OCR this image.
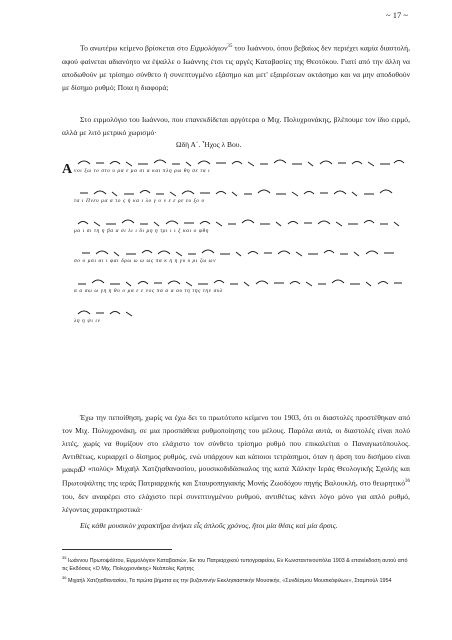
~ 17 ~

Το ανωτέρω κείμενο βρίσκεται στο Ειρμολόγιον$^{35}$ του Ιωάννου, όπου βεβαίως δεν περιέχει καμία διαστολή, αφού φαίνεται αδιανόητο να έψαλλε ο Ιωάννης έτσι τις αργές Καταβασίες της Θεοτόκου. Γιατί από την άλλη να αποδωθούν με τρίσημο σύνθετο ή συνεπτυγμένο εξάσημο και μετ' εξαιρέσεων οκτάσημο και να μην αποδοθούν με δίσημο ρυθμό; Ποια η διαφορά;

Στο ειρμολόγιο του Ιωάννου, που επανεκδίδεται αργότερα ο Μιχ. Πολυχρονάκης, βλέπουμε τον ίδιο ειρμό, αλλά με λιτό μετρικό χωρισμό·

Ωδὴ Α΄. Ἦχος λ Βου.
Α νοι ξω το στο υ μα ε μα σι α και πλη ρω θη σε τα ι
τα ι Πνευ μα α το ς ή κα ι λο γ ο ν ε ε ρε ευ ξο ο
μα ι σι τη η βα α σι λι ι δι μη η τρι ι ι ξ και ο φθη
σο ο μαι αι ι φαι δρω ω ω ως πα κ η η γυ υ ρι ζω ων
α α σω ω γη η θο ο μα ε ε νος πα α α αυ τη της την συλ
λη η ψι ιν

Έχω την πεποίθηση, χωρίς να έχω δει το πρωτότυπο κείμενο του 1903, ότι οι διαστολές προστέθηκαν από τον Μιχ. Πολυχρονάκη, σε μια προσπάθεια ρυθμοποίησης του μέλους. Παρόλα αυτά, οι διαστολές είναι πολύ λιτές, χωρίς να θυμίζουν στο ελάχιστο τον σύνθετο τρίσημο ρυθμό που επικαλείται ο Παναγιωτόπουλος. Αντιθέτως, κυριαρχεί ο δίσημος ρυθμός, ενώ υπάρχουν και κάποιοι τετράσημοι, όταν η άρση του δισήμου είναι μακρά.

Ο «πολύς» Μιχαήλ Χατζηαθανασίου, μουσικοδιδάσκαλος της κατά Χάλκην Ιεράς Θεολογικής Σχολής και Πρωτοψάλτης της ιεράς Πατριαρχικής και Σταυροπηγιακής Μονής Ζωοδόχου πηγής Βαλουκλή, στο θεωρητικό$^{36}$ του, δεν αναφέρει στο ελάχιστο περί συνεπτυγμένου ρυθμού, αντιθέτως κάνει λόγο μόνο για απλό ρυθμό, λέγοντας χαρακτηριστικά·

Εἰς κάθε μουσικὸν χαρακτῆρα ἀνήκει εἷς ἀπλοῦς χρόνος, ἤτοι μία θέσις καὶ μία ἄρσις.

$^{35}$ Ιωάννου Πρωτοψάλτου, Ειρμολόγιον Καταβασιών, Εκ του Πατριαρχικού τυπογραφείου, Εν Κωνσταντινουπόλει 1903 & επανέκδοση αυτού από τις Εκδόσεις «Ο Μιχ. Πολυχρονάκης» Νεάπολις Κρήτης

$^{36}$ Μιχαήλ Χατζηαθανασίου, Τα πρώτα βήματα εις την βυζαντινήν Εκκλησιαστικήν Μουσικήν, «Συνδέσμου Μουσικόφιλων», Σταμπούλ 1954
